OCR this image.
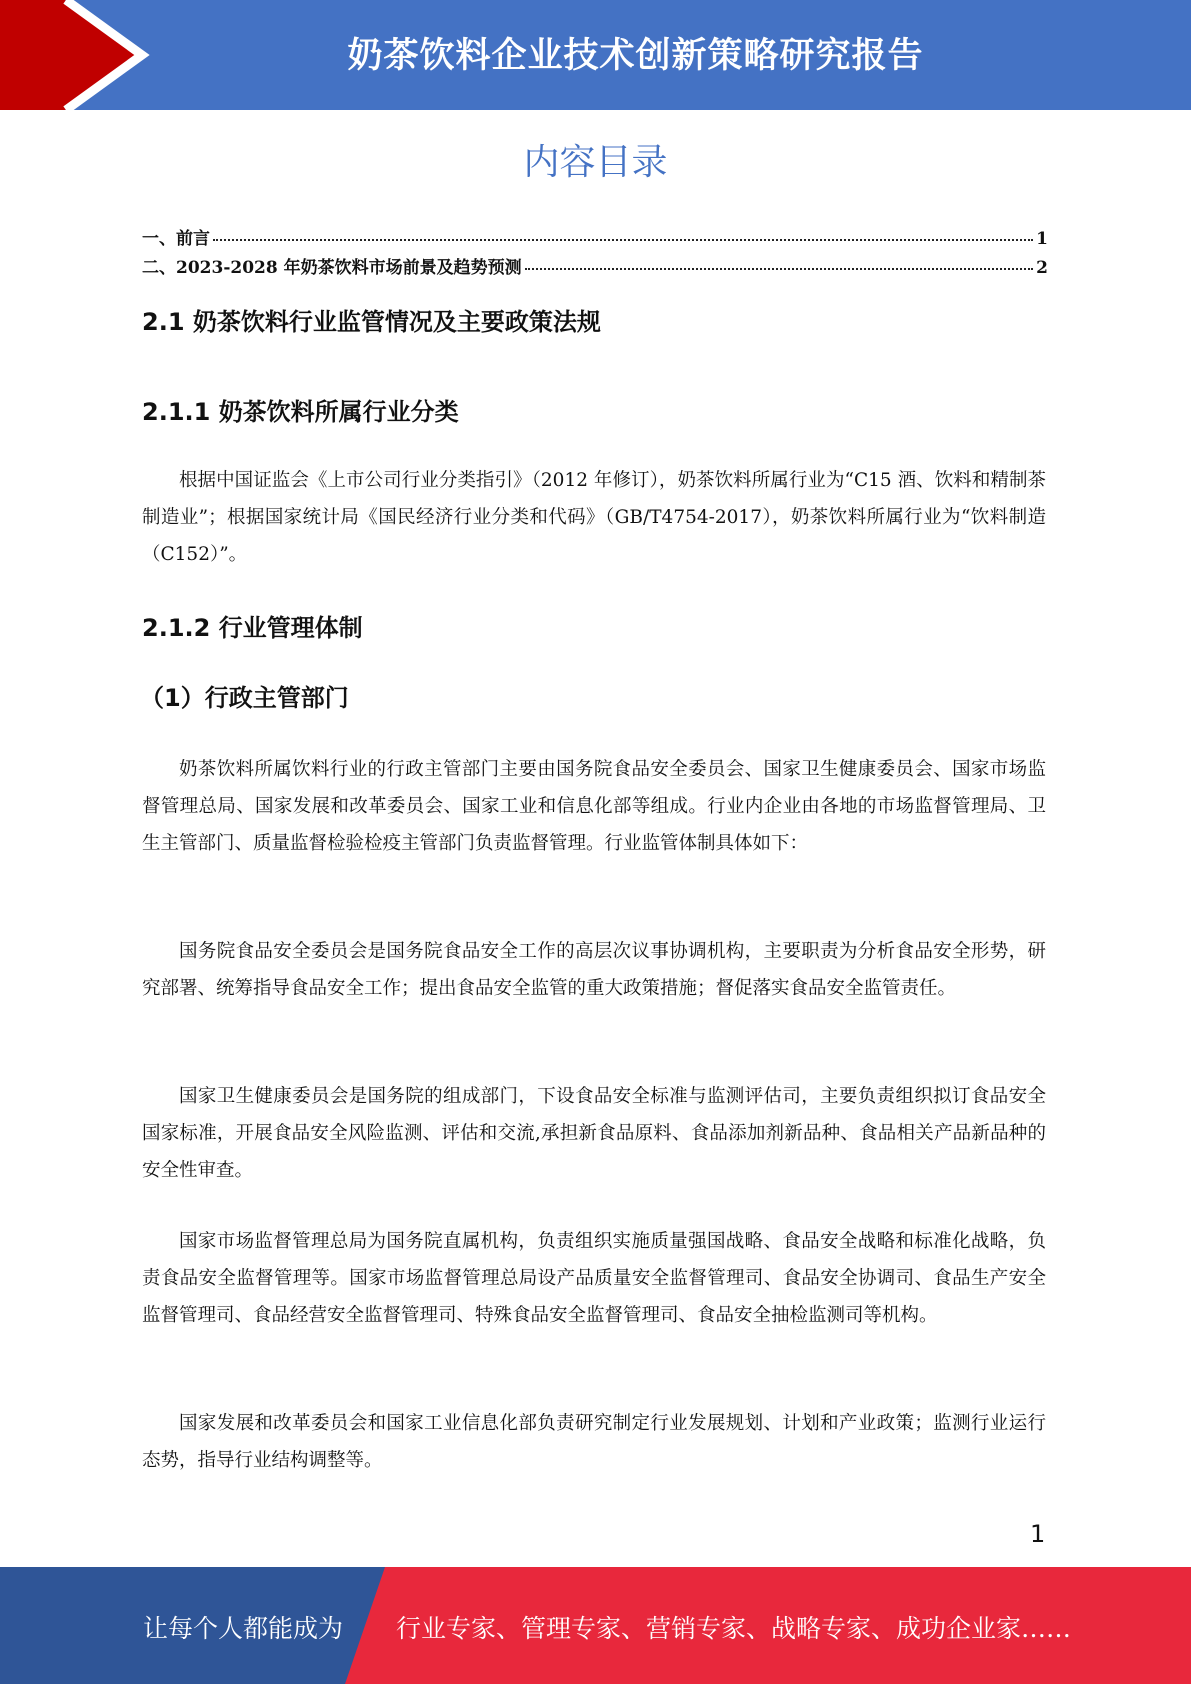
奶茶饮料企业技术创新策略研究报告
内容目录
一、前言	1
二、2023-2028 年奶茶饮料市场前景及趋势预测	2
2.1 奶茶饮料行业监管情况及主要政策法规
2.1.1 奶茶饮料所属行业分类

根据中国证监会《上市公司行业分类指引》（2012 年修订），奶茶饮料所属行业为“C15 酒、饮料和精制茶制造业”；根据国家统计局《国民经济行业分类和代码》（GB/T4754-2017），奶茶饮料所属行业为“饮料制造（C152）”。

2.1.2 行业管理体制
（1）行政主管部门

奶茶饮料所属饮料行业的行政主管部门主要由国务院食品安全委员会、国家卫生健康委员会、国家市场监督管理总局、国家发展和改革委员会、国家工业和信息化部等组成。行业内企业由各地的市场监督管理局、卫生主管部门、质量监督检验检疫主管部门负责监督管理。行业监管体制具体如下：

国务院食品安全委员会是国务院食品安全工作的高层次议事协调机构，主要职责为分析食品安全形势，研究部署、统筹指导食品安全工作；提出食品安全监管的重大政策措施；督促落实食品安全监管责任。

国家卫生健康委员会是国务院的组成部门，下设食品安全标准与监测评估司，主要负责组织拟订食品安全国家标准，开展食品安全风险监测、评估和交流,承担新食品原料、食品添加剂新品种、食品相关产品新品种的安全性审查。

国家市场监督管理总局为国务院直属机构，负责组织实施质量强国战略、食品安全战略和标准化战略，负责食品安全监督管理等。国家市场监督管理总局设产品质量安全监督管理司、食品安全协调司、食品生产安全监督管理司、食品经营安全监督管理司、特殊食品安全监督管理司、食品安全抽检监测司等机构。

国家发展和改革委员会和国家工业信息化部负责研究制定行业发展规划、计划和产业政策；监测行业运行态势，指导行业结构调整等。

1
让每个人都能成为 行业专家、管理专家、营销专家、战略专家、成功企业家……
